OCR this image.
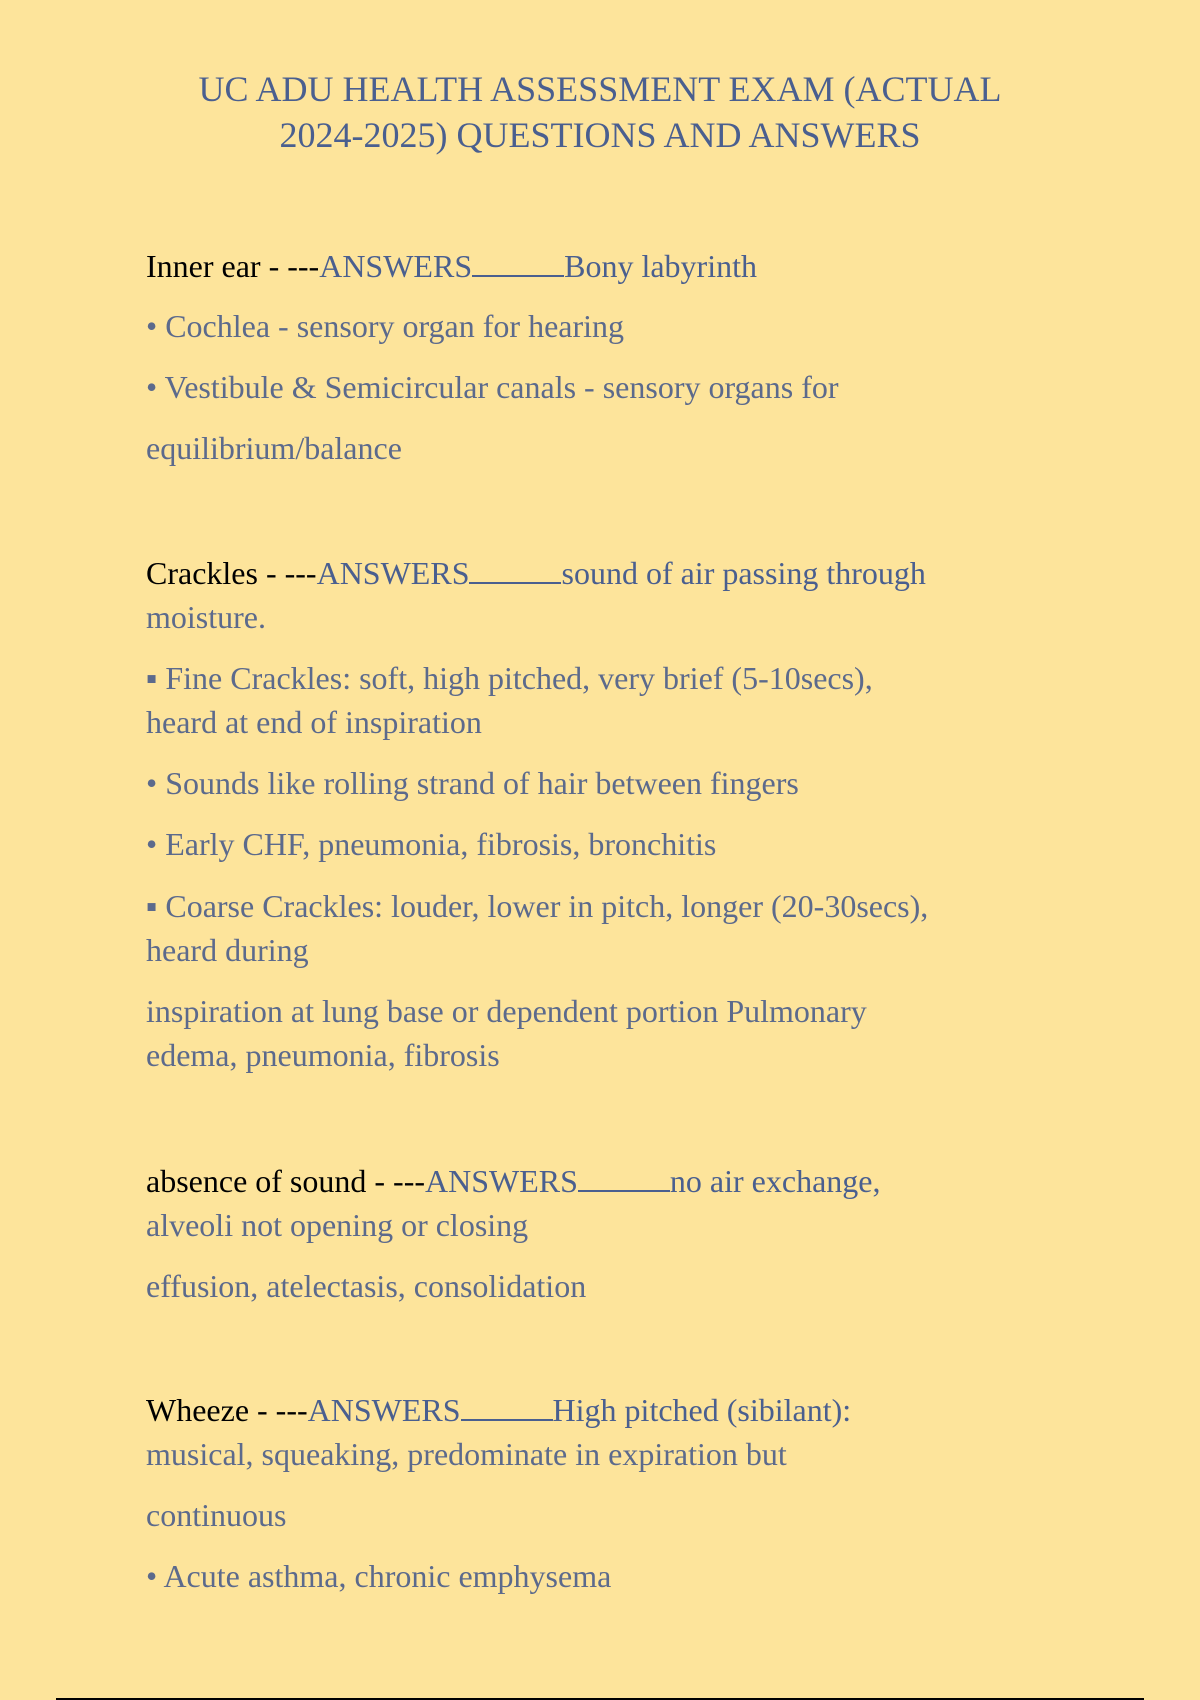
UC ADU HEALTH ASSESSMENT EXAM (ACTUAL
2024-2025) QUESTIONS AND ANSWERS

Inner ear - ---ANSWERS	Bony labyrinth

• Cochlea - sensory organ for hearing

• Vestibule & Semicircular canals - sensory organs for

equilibrium/balance

Crackles - ---ANSWERS	sound of air passing through

moisture.

▪ Fine Crackles: soft, high pitched, very brief (5-10secs),

heard at end of inspiration

• Sounds like rolling strand of hair between fingers

• Early CHF, pneumonia, fibrosis, bronchitis

▪ Coarse Crackles: louder, lower in pitch, longer (20-30secs),

heard during

inspiration at lung base or dependent portion Pulmonary

edema, pneumonia, fibrosis

absence of sound - ---ANSWERS	no air exchange,

alveoli not opening or closing

effusion, atelectasis, consolidation

Wheeze - ---ANSWERS	High pitched (sibilant):

musical, squeaking, predominate in expiration but

continuous

• Acute asthma, chronic emphysema
